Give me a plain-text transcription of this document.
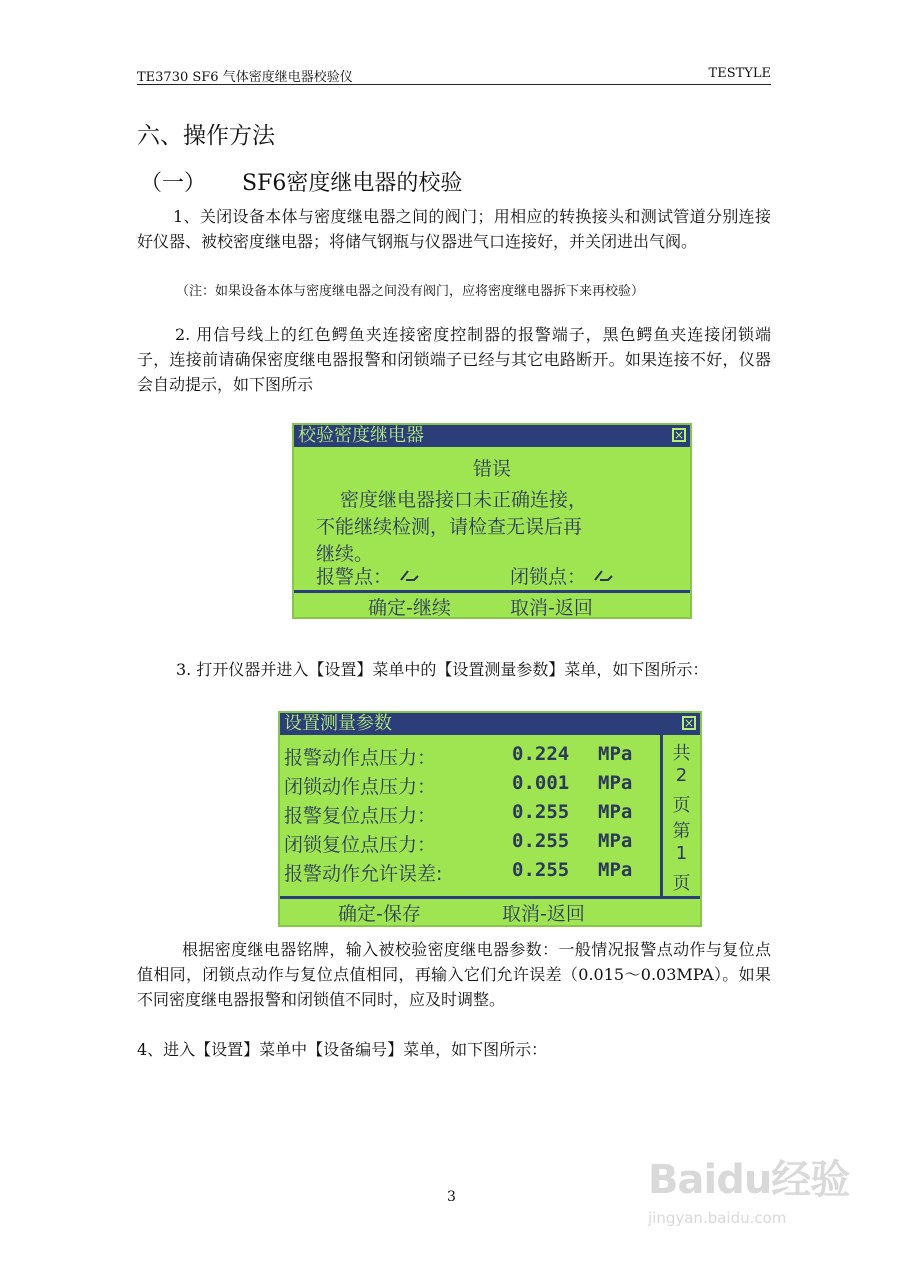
TE3730 SF6 气体密度继电器校验仪	TESTYLE
六、操作方法
（一） SF6密度继电器的校验

1、关闭设备本体与密度继电器之间的阀门；用相应的转换接头和测试管道分别连接好仪器、被校密度继电器；将储气钢瓶与仪器进气口连接好，并关闭进出气阀。

（注：如果设备本体与密度继电器之间没有阀门，应将密度继电器拆下来再校验）

2. 用信号线上的红色鳄鱼夹连接密度控制器的报警端子，黑色鳄鱼夹连接闭锁端子，连接前请确保密度继电器报警和闭锁端子已经与其它电路断开。如果连接不好，仪器会自动提示，如下图所示

校验密度继电器	×
错误
密度继电器接口未正确连接，
不能继续检测，请检查无误后再
继续。
报警点：	闭锁点：
确定-继续	取消-返回
3. 打开仪器并进入【设置】菜单中的【设置测量参数】菜单，如下图所示：
设置测量参数	×
报警动作点压力：	0.224 MPa
闭锁动作点压力：	0.001 MPa
报警复位点压力：	0.255 MPa
闭锁复位点压力：	0.255 MPa
报警动作允许误差:	0.255 MPa
共
2
页
第
1
页
确定-保存	取消-返回

根据密度继电器铭牌，输入被校验密度继电器参数：一般情况报警点动作与复位点值相同，闭锁点动作与复位点值相同，再输入它们允许误差（0.015～0.03MPA）。如果不同密度继电器报警和闭锁值不同时，应及时调整。

4、进入【设置】菜单中【设备编号】菜单，如下图所示：
3	Baidu经验
jingyan.baidu.com
